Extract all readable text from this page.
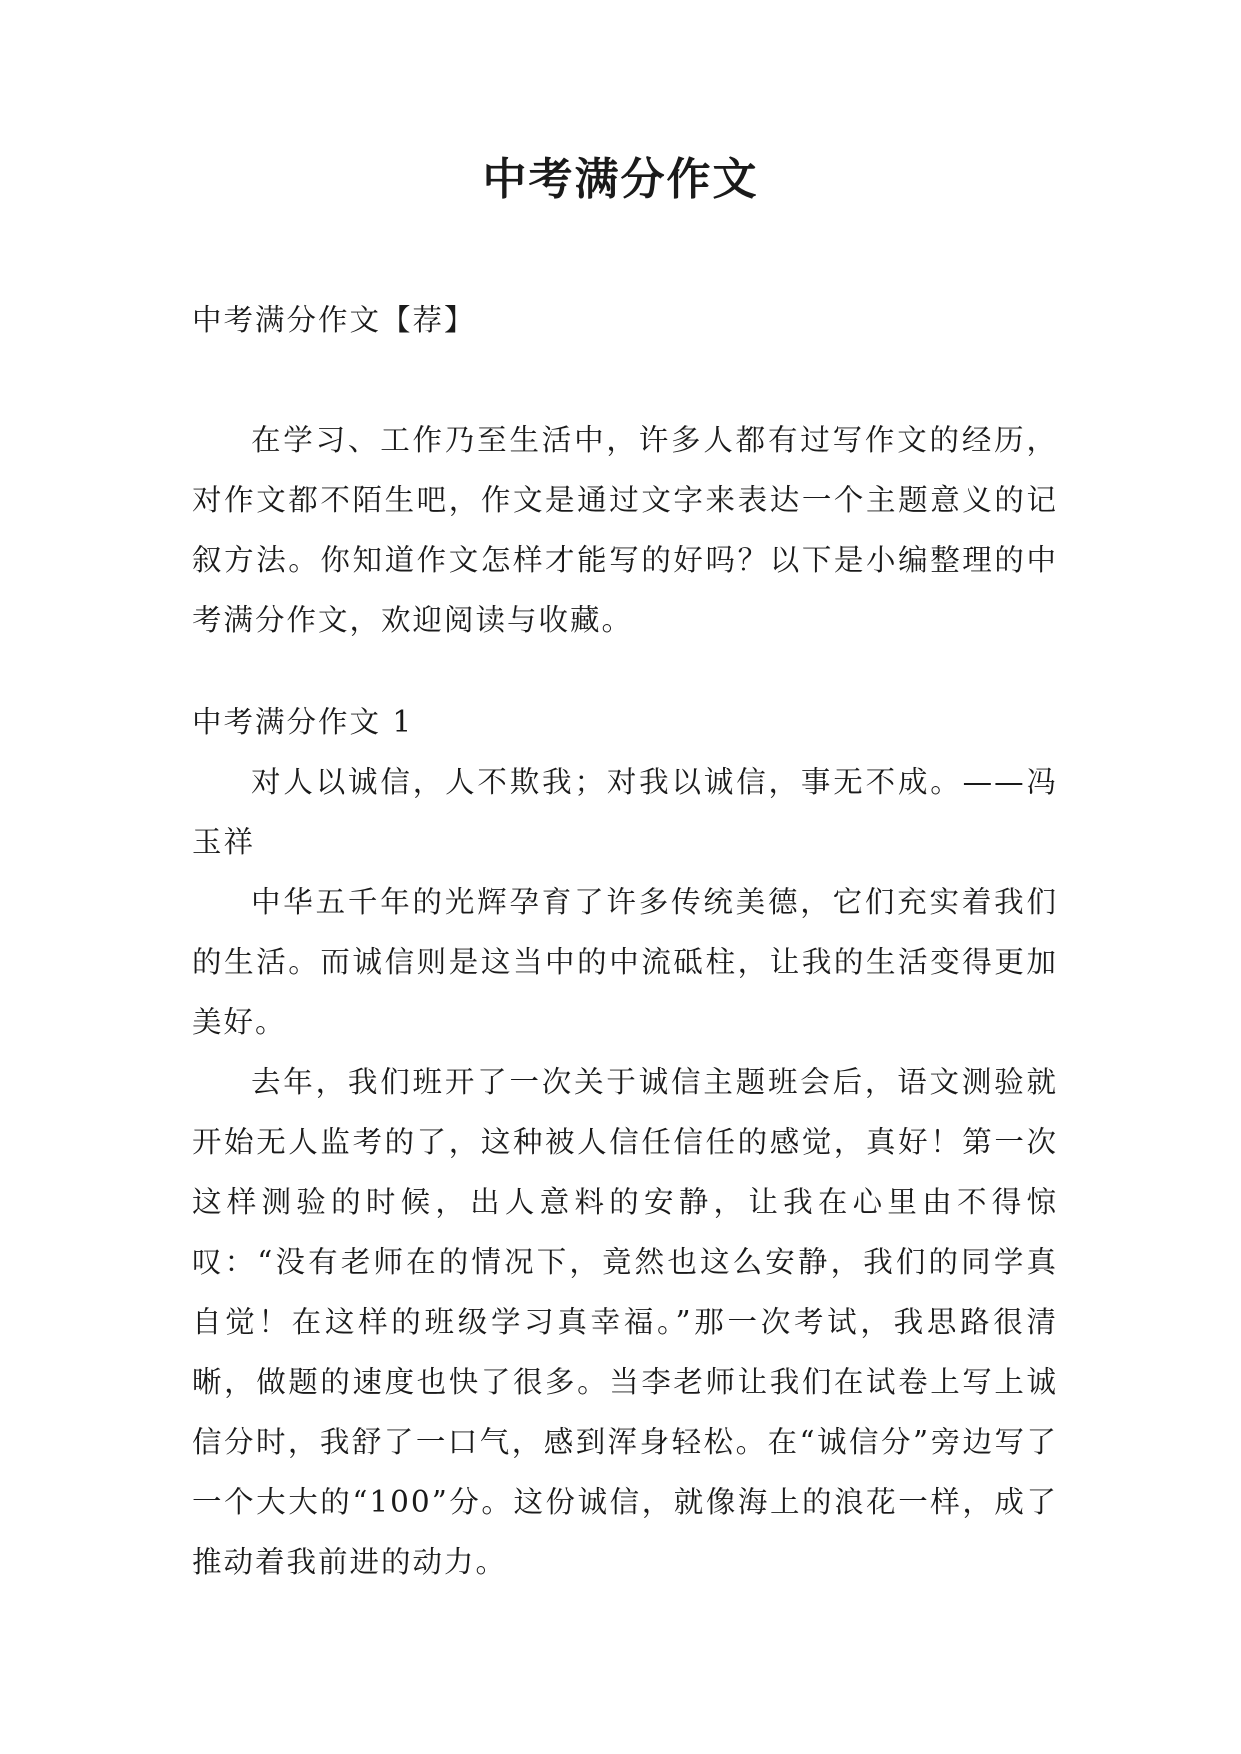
中考满分作文
中考满分作文【荐】
在学习、工作乃至生活中，许多人都有过写作文的经历，对作文都不陌生吧，作文是通过文字来表达一个主题意义的记叙方法。你知道作文怎样才能写的好吗？以下是小编整理的中考满分作文，欢迎阅读与收藏。
中考满分作文 1

对人以诚信，人不欺我；对我以诚信，事无不成。——冯玉祥

中华五千年的光辉孕育了许多传统美德，它们充实着我们的生活。而诚信则是这当中的中流砥柱，让我的生活变得更加美好。

去年，我们班开了一次关于诚信主题班会后，语文测验就开始无人监考的了，这种被人信任信任的感觉，真好！第一次这样测验的时候，出人意料的安静，让我在心里由不得惊叹：“没有老师在的情况下，竟然也这么安静，我们的同学真自觉！在这样的班级学习真幸福。”那一次考试，我思路很清晰，做题的速度也快了很多。当李老师让我们在试卷上写上诚信分时，我舒了一口气，感到浑身轻松。在“诚信分”旁边写了一个大大的“100”分。这份诚信，就像海上的浪花一样，成了推动着我前进的动力。
